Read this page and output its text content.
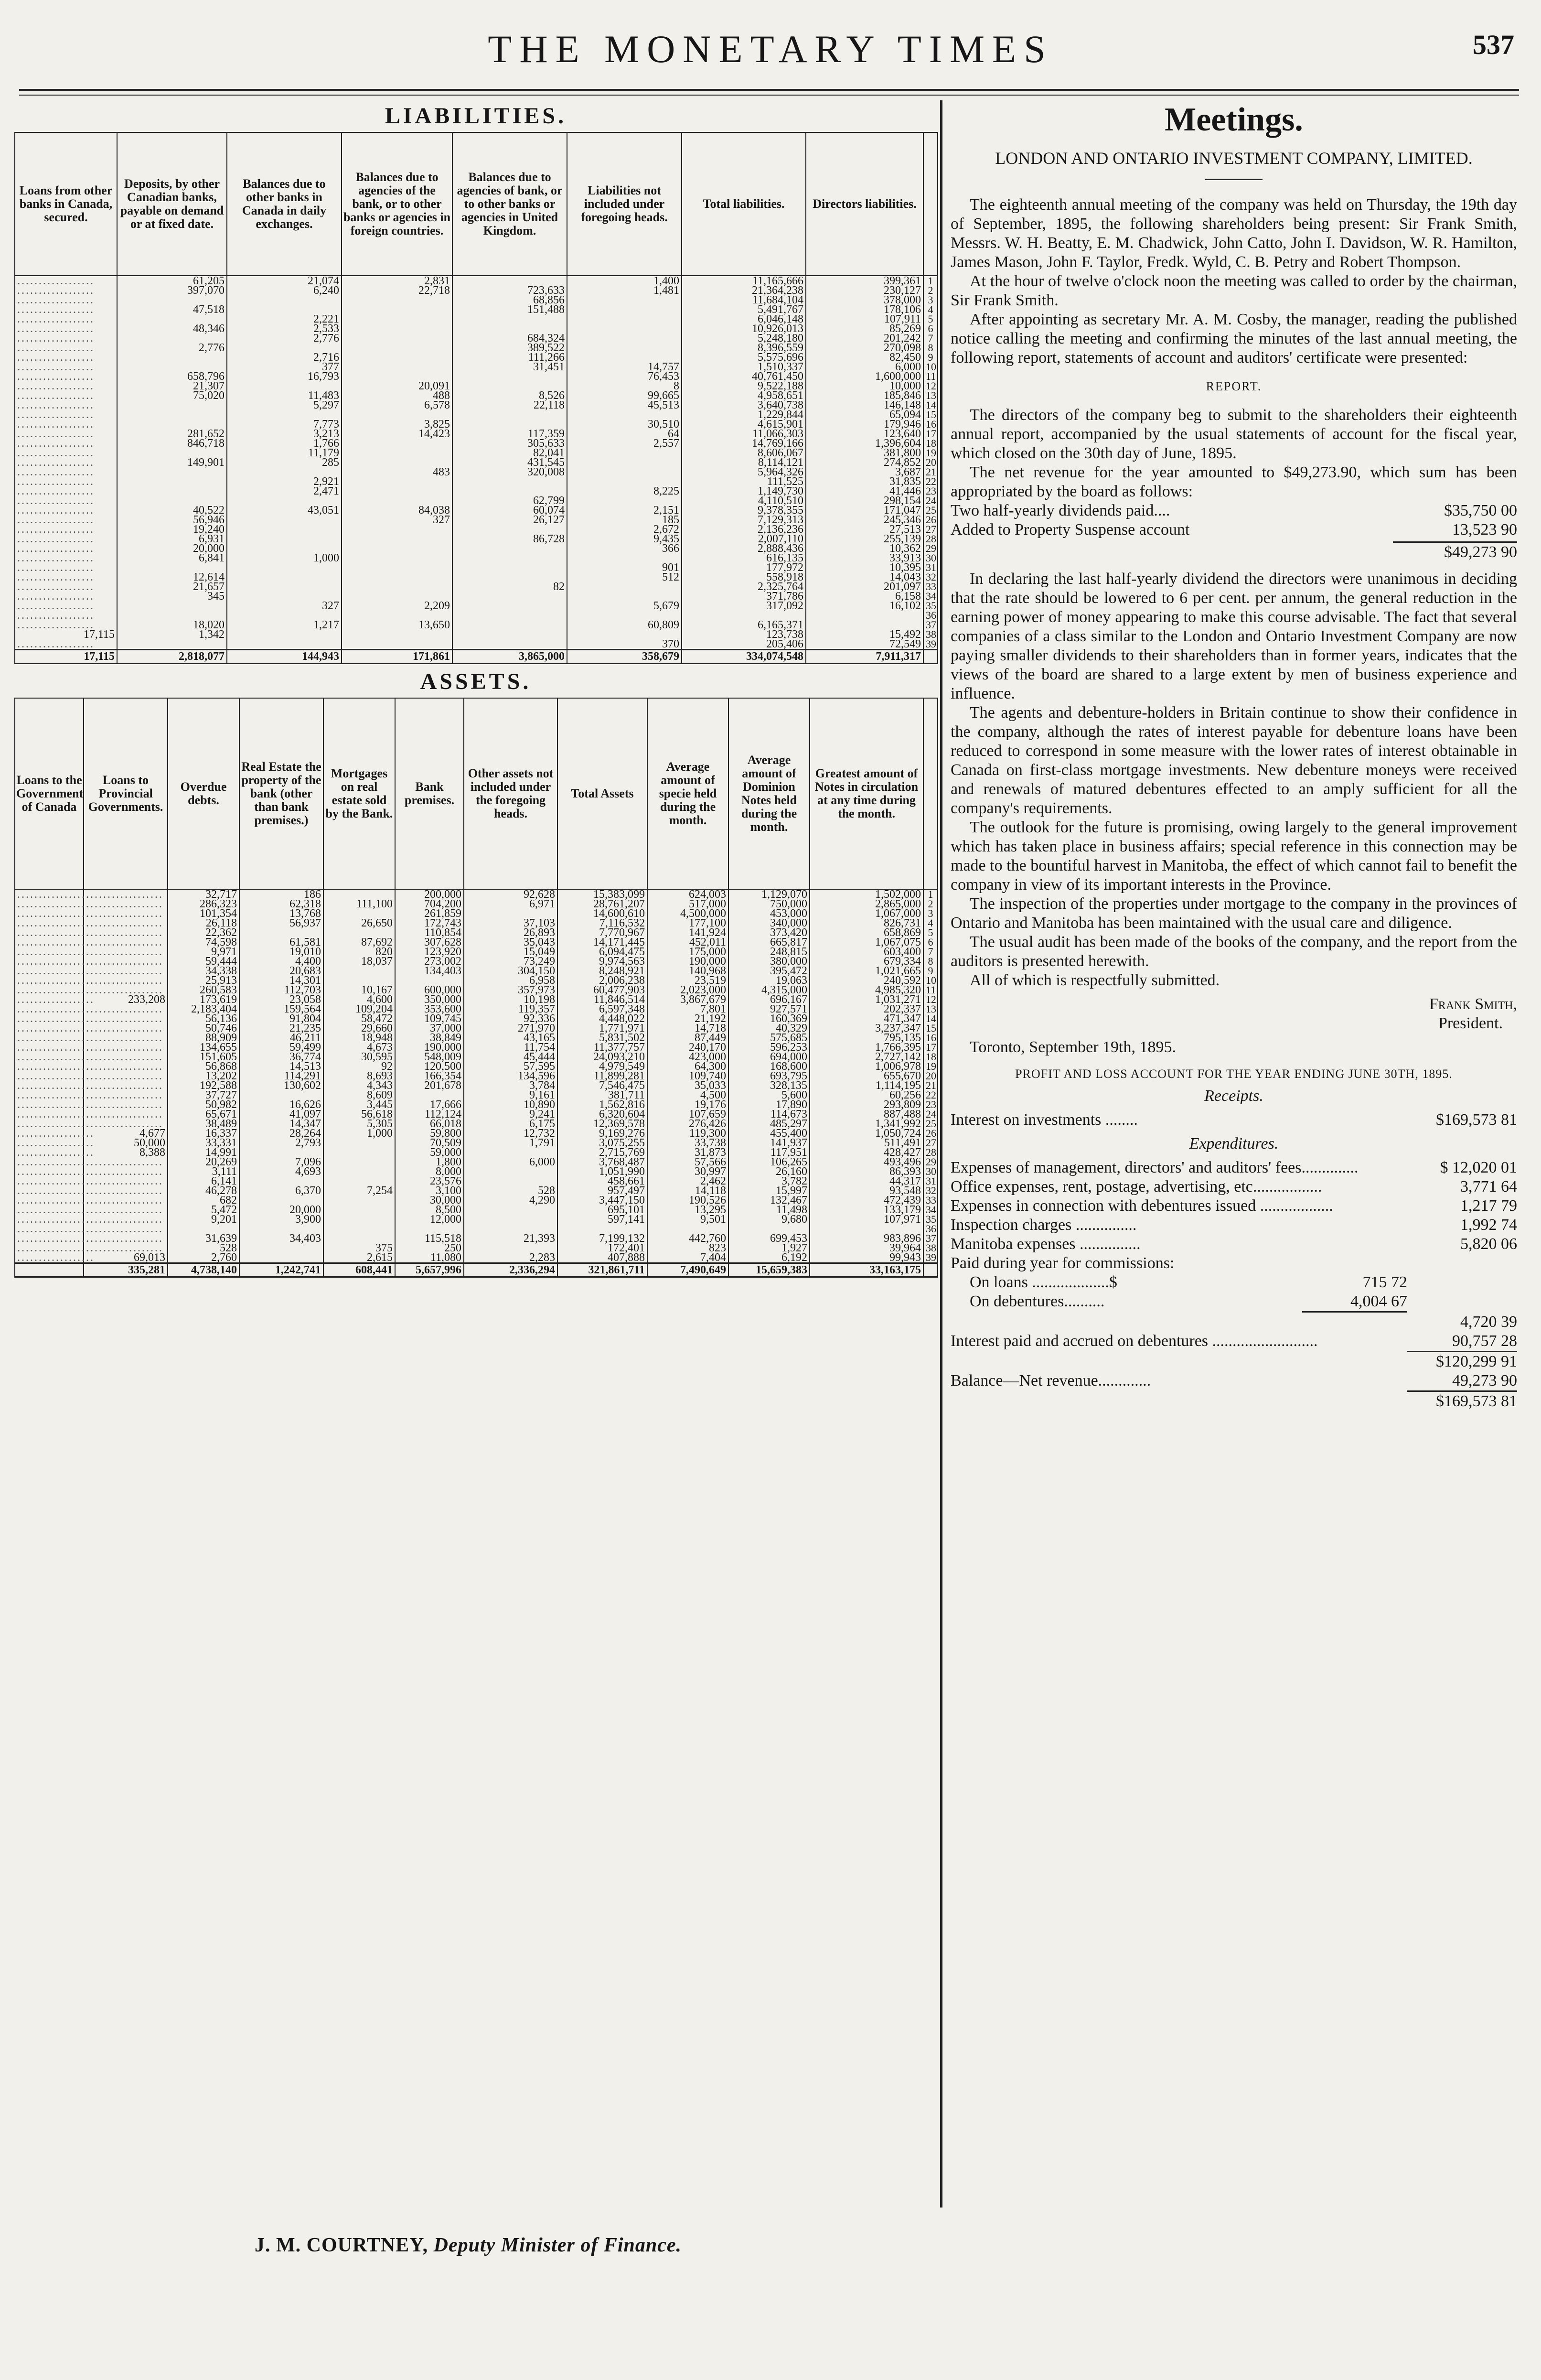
THE MONETARY TIMES	537
LIABILITIES.
Loans from other banks in Canada, secured.	Deposits, by other Canadian banks, payable on demand or at fixed date.	Balances due to other banks in Canada in daily exchanges.	Balances due to agencies of the bank, or to other banks or agencies in foreign countries.	Balances due to agencies of bank, or to other banks or agencies in United Kingdom.	Liabilities not included under foregoing heads.	Total liabilities.	Directors liabilities.	
..................	61,205	21,074	2,831		1,400	11,165,666	399,361	1
..................	397,070	6,240	22,718	723,633	1,481	21,364,238	230,127	2
..................				68,856		11,684,104	378,000	3
..................	47,518			151,488		5,491,767	178,106	4
..................		2,221				6,046,148	107,911	5
..................	48,346	2,533				10,926,013	85,269	6
..................		2,776		684,324		5,248,180	201,242	7
..................	2,776			389,522		8,396,559	270,098	8
..................		2,716		111,266		5,575,696	82,450	9
..................		377		31,451	14,757	1,510,337	6,000	10
..................	658,796	16,793			76,453	40,761,450	1,600,000	11
..................	21,307		20,091		8	9,522,188	10,000	12
..................	75,020	11,483	488	8,526	99,665	4,958,651	185,846	13
..................		5,297	6,578	22,118	45,513	3,640,738	146,148	14
..................						1,229,844	65,094	15
..................		7,773	3,825		30,510	4,615,901	179,946	16
..................	281,652	3,213	14,423	117,359	64	11,066,303	123,640	17
..................	846,718	1,766		305,633	2,557	14,769,166	1,396,604	18
..................		11,179		82,041		8,606,067	381,800	19
..................	149,901	285		431,545		8,114,121	274,852	20
..................			483	320,008		5,964,326	3,687	21
..................		2,921				111,525	31,835	22
..................		2,471			8,225	1,149,730	41,446	23
..................				62,799		4,110,510	298,154	24
..................	40,522	43,051	84,038	60,074	2,151	9,378,355	171,047	25
..................	56,946		327	26,127	185	7,129,313	245,346	26
..................	19,240				2,672	2,136,236	27,513	27
..................	6,931			86,728	9,435	2,007,110	255,139	28
..................	20,000				366	2,888,436	10,362	29
..................	6,841	1,000				616,135	33,913	30
..................					901	177,972	10,395	31
..................	12,614				512	558,918	14,043	32
..................	21,657			82		2,325,764	201,097	33
..................	345					371,786	6,158	34
..................		327	2,209		5,679	317,092	16,102	35
..................								36
..................	18,020	1,217	13,650		60,809	6,165,371		37
17,115	1,342					123,738	15,492	38
..................					370	205,406	72,549	39
17,115	2,818,077	144,943	171,861	3,865,000	358,679	334,074,548	7,911,317	
ASSETS.
Loans to the Government of Canada	Loans to Provincial Governments.	Overdue debts.	Real Estate the property of the bank (other than bank premises.)	Mortgages on real estate sold by the Bank.	Bank premises.	Other assets not included under the foregoing heads.	Total Assets	Average amount of specie held during the month.	Average amount of Dominion Notes held during the month.	Greatest amount of Notes in circulation at any time during the month.	
..................	..................	32,717	186		200,000	92,628	15,383,099	624,003	1,129,070	1,502,000	1
..................	..................	286,323	62,318	111,100	704,200	6,971	28,761,207	517,000	750,000	2,865,000	2
..................	..................	101,354	13,768		261,859		14,600,610	4,500,000	453,000	1,067,000	3
..................	..................	26,118	56,937	26,650	172,743	37,103	7,116,532	177,100	340,000	826,731	4
..................	..................	22,362			110,854	26,893	7,770,967	141,924	373,420	658,869	5
..................	..................	74,598	61,581	87,692	307,628	35,043	14,171,445	452,011	665,817	1,067,075	6
..................	..................	9,971	19,010	820	123,920	15,049	6,094,475	175,000	248,815	603,400	7
..................	..................	59,444	4,400	18,037	273,002	73,249	9,974,563	190,000	380,000	679,334	8
..................	..................	34,338	20,683		134,403	304,150	8,248,921	140,968	395,472	1,021,665	9
..................	..................	25,913	14,301			6,958	2,006,238	23,519	19,063	240,592	10
..................	..................	260,583	112,703	10,167	600,000	357,973	60,477,903	2,023,000	4,315,000	4,985,320	11
..................	233,208	173,619	23,058	4,600	350,000	10,198	11,846,514	3,867,679	696,167	1,031,271	12
..................	..................	2,183,404	159,564	109,204	353,600	119,357	6,597,348	7,801	927,571	202,337	13
..................	..................	56,136	91,804	58,472	109,745	92,336	4,448,022	21,192	160,369	471,347	14
..................	..................	50,746	21,235	29,660	37,000	271,970	1,771,971	14,718	40,329	3,237,347	15
..................	..................	88,909	46,211	18,948	38,849	43,165	5,831,502	87,449	575,685	795,135	16
..................	..................	134,655	59,499	4,673	190,000	11,754	11,377,757	240,170	596,253	1,766,395	17
..................	..................	151,605	36,774	30,595	548,009	45,444	24,093,210	423,000	694,000	2,727,142	18
..................	..................	56,868	14,513	92	120,500	57,595	4,979,549	64,300	168,600	1,006,978	19
..................	..................	13,202	114,291	8,693	166,354	134,596	11,899,281	109,740	693,795	655,670	20
..................	..................	192,588	130,602	4,343	201,678	3,784	7,546,475	35,033	328,135	1,114,195	21
..................	..................	37,727		8,609		9,161	381,711	4,500	5,600	60,256	22
..................	..................	50,982	16,626	3,445	17,666	10,890	1,562,816	19,176	17,890	293,809	23
..................	..................	65,671	41,097	56,618	112,124	9,241	6,320,604	107,659	114,673	887,488	24
..................	..................	38,489	14,347	5,305	66,018	6,175	12,369,578	276,426	485,297	1,341,992	25
..................	4,677	16,337	28,264	1,000	59,800	12,732	9,169,276	119,300	455,400	1,050,724	26
..................	50,000	33,331	2,793		70,509	1,791	3,075,255	33,738	141,937	511,491	27
..................	8,388	14,991			59,000		2,715,769	31,873	117,951	428,427	28
..................	..................	20,269	7,096		1,800	6,000	3,768,487	57,566	106,265	493,496	29
..................	..................	3,111	4,693		8,000		1,051,990	30,997	26,160	86,393	30
..................	..................	6,141			23,576		458,661	2,462	3,782	44,317	31
..................	..................	46,278	6,370	7,254	3,100	528	957,497	14,118	15,997	93,548	32
..................	..................	682			30,000	4,290	3,447,150	190,526	132,467	472,439	33
..................	..................	5,472	20,000		8,500		695,101	13,295	11,498	133,179	34
..................	..................	9,201	3,900		12,000		597,141	9,501	9,680	107,971	35
..................	..................										36
..................	..................	31,639	34,403		115,518	21,393	7,199,132	442,760	699,453	983,896	37
..................	..................	528		375	250		172,401	823	1,927	39,964	38
..................	69,013	2,760		2,615	11,080	2,283	407,888	7,404	6,192	99,943	39
	335,281	4,738,140	1,242,741	608,441	5,657,996	2,336,294	321,861,711	7,490,649	15,659,383	33,163,175	
Meetings.
LONDON AND ONTARIO INVESTMENT COMPANY, LIMITED.

The eighteenth annual meeting of the company was held on Thursday, the 19th day of September, 1895, the following shareholders being present: Sir Frank Smith, Messrs. W. H. Beatty, E. M. Chadwick, John Catto, John I. Davidson, W. R. Hamilton, James Mason, John F. Taylor, Fredk. Wyld, C. B. Petry and Robert Thompson.

At the hour of twelve o'clock noon the meeting was called to order by the chairman, Sir Frank Smith.

After appointing as secretary Mr. A. M. Cosby, the manager, reading the published notice calling the meeting and confirming the minutes of the last annual meeting, the following report, statements of account and auditors' certificate were presented:

REPORT.

The directors of the company beg to submit to the shareholders their eighteenth annual report, accompanied by the usual statements of account for the fiscal year, which closed on the 30th day of June, 1895.

The net revenue for the year amounted to $49,273.90, which sum has been appropriated by the board as follows:

Two half-yearly dividends paid....	$35,750 00
Added to Property Suspense account	13,523 90
$49,273 90

In declaring the last half-yearly dividend the directors were unanimous in deciding that the rate should be lowered to 6 per cent. per annum, the general reduction in the earning power of money appearing to make this course advisable. The fact that several companies of a class similar to the London and Ontario Investment Company are now paying smaller dividends to their shareholders than in former years, indicates that the views of the board are shared to a large extent by men of business experience and influence.

The agents and debenture-holders in Britain continue to show their confidence in the company, although the rates of interest payable for debenture loans have been reduced to correspond in some measure with the lower rates of interest obtainable in Canada on first-class mortgage investments. New debenture moneys were received and renewals of matured debentures effected to an amply sufficient for all the company's requirements.

The outlook for the future is promising, owing largely to the general improvement which has taken place in business affairs; special reference in this connection may be made to the bountiful harvest in Manitoba, the effect of which cannot fail to benefit the company in view of its important interests in the Province.

The inspection of the properties under mortgage to the company in the provinces of Ontario and Manitoba has been maintained with the usual care and diligence.

The usual audit has been made of the books of the company, and the report from the auditors is presented herewith.

All of which is respectfully submitted.

Frank Smith,
President.
Toronto, September 19th, 1895.
PROFIT AND LOSS ACCOUNT FOR THE YEAR ENDING JUNE 30TH, 1895.
Receipts.
Interest on investments ........	$169,573 81
Expenditures.
Expenses of management, directors' and auditors' fees..............	$ 12,020 01
Office expenses, rent, postage, advertising, etc.................	3,771 64
Expenses in connection with debentures issued ..................	1,217 79
Inspection charges ...............	1,992 74
Manitoba expenses ...............	5,820 06
Paid during year for commissions:
On loans ...................$	715 72
On debentures..........	4,004 67
4,720 39
Interest paid and accrued on debentures ..........................	90,757 28
$120,299 91
Balance—Net revenue.............	49,273 90
$169,573 81
J. M. COURTNEY, Deputy Minister of Finance.
